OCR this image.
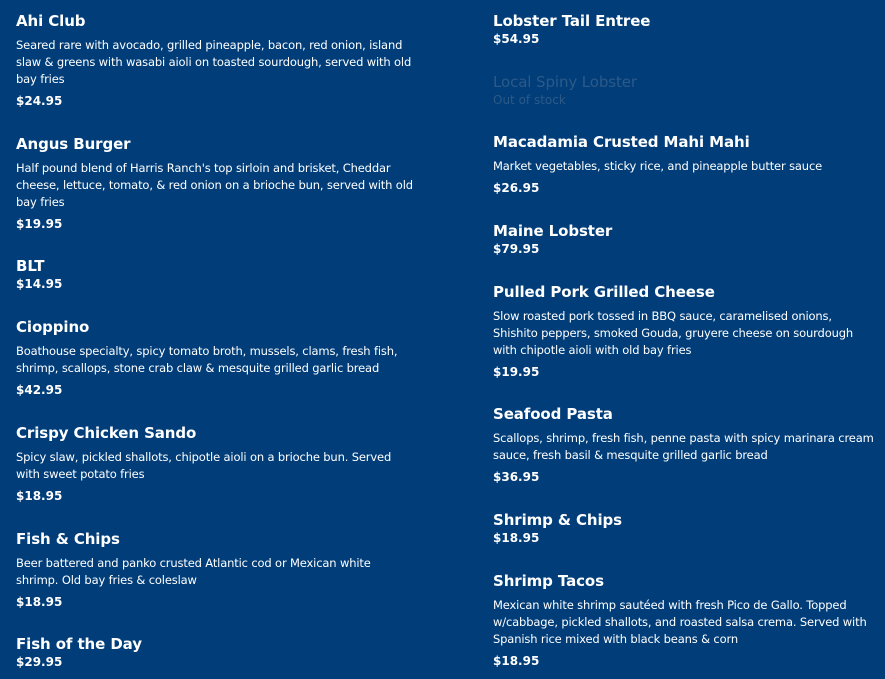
Ahi Club
Seared rare with avocado, grilled pineapple, bacon, red onion, island slaw & greens with wasabi aioli on toasted sourdough, served with old bay fries
$24.95
Angus Burger
Half pound blend of Harris Ranch's top sirloin and brisket, Cheddar cheese, lettuce, tomato, & red onion on a brioche bun, served with old bay fries
$19.95
BLT
$14.95
Cioppino
Boathouse specialty, spicy tomato broth, mussels, clams, fresh fish, shrimp, scallops, stone crab claw & mesquite grilled garlic bread
$42.95
Crispy Chicken Sando
Spicy slaw, pickled shallots, chipotle aioli on a brioche bun. Served with sweet potato fries
$18.95
Fish & Chips
Beer battered and panko crusted Atlantic cod or Mexican white shrimp. Old bay fries & coleslaw
$18.95
Fish of the Day
$29.95
Lobster Tail Entree
$54.95
Local Spiny Lobster
Out of stock
Macadamia Crusted Mahi Mahi
Market vegetables, sticky rice, and pineapple butter sauce
$26.95
Maine Lobster
$79.95
Pulled Pork Grilled Cheese
Slow roasted pork tossed in BBQ sauce, caramelised onions, Shishito peppers, smoked Gouda, gruyere cheese on sourdough with chipotle aioli with old bay fries
$19.95
Seafood Pasta
Scallops, shrimp, fresh fish, penne pasta with spicy marinara cream sauce, fresh basil & mesquite grilled garlic bread
$36.95
Shrimp & Chips
$18.95
Shrimp Tacos
Mexican white shrimp sautéed with fresh Pico de Gallo. Topped w/cabbage, pickled shallots, and roasted salsa crema. Served with Spanish rice mixed with black beans & corn
$18.95
